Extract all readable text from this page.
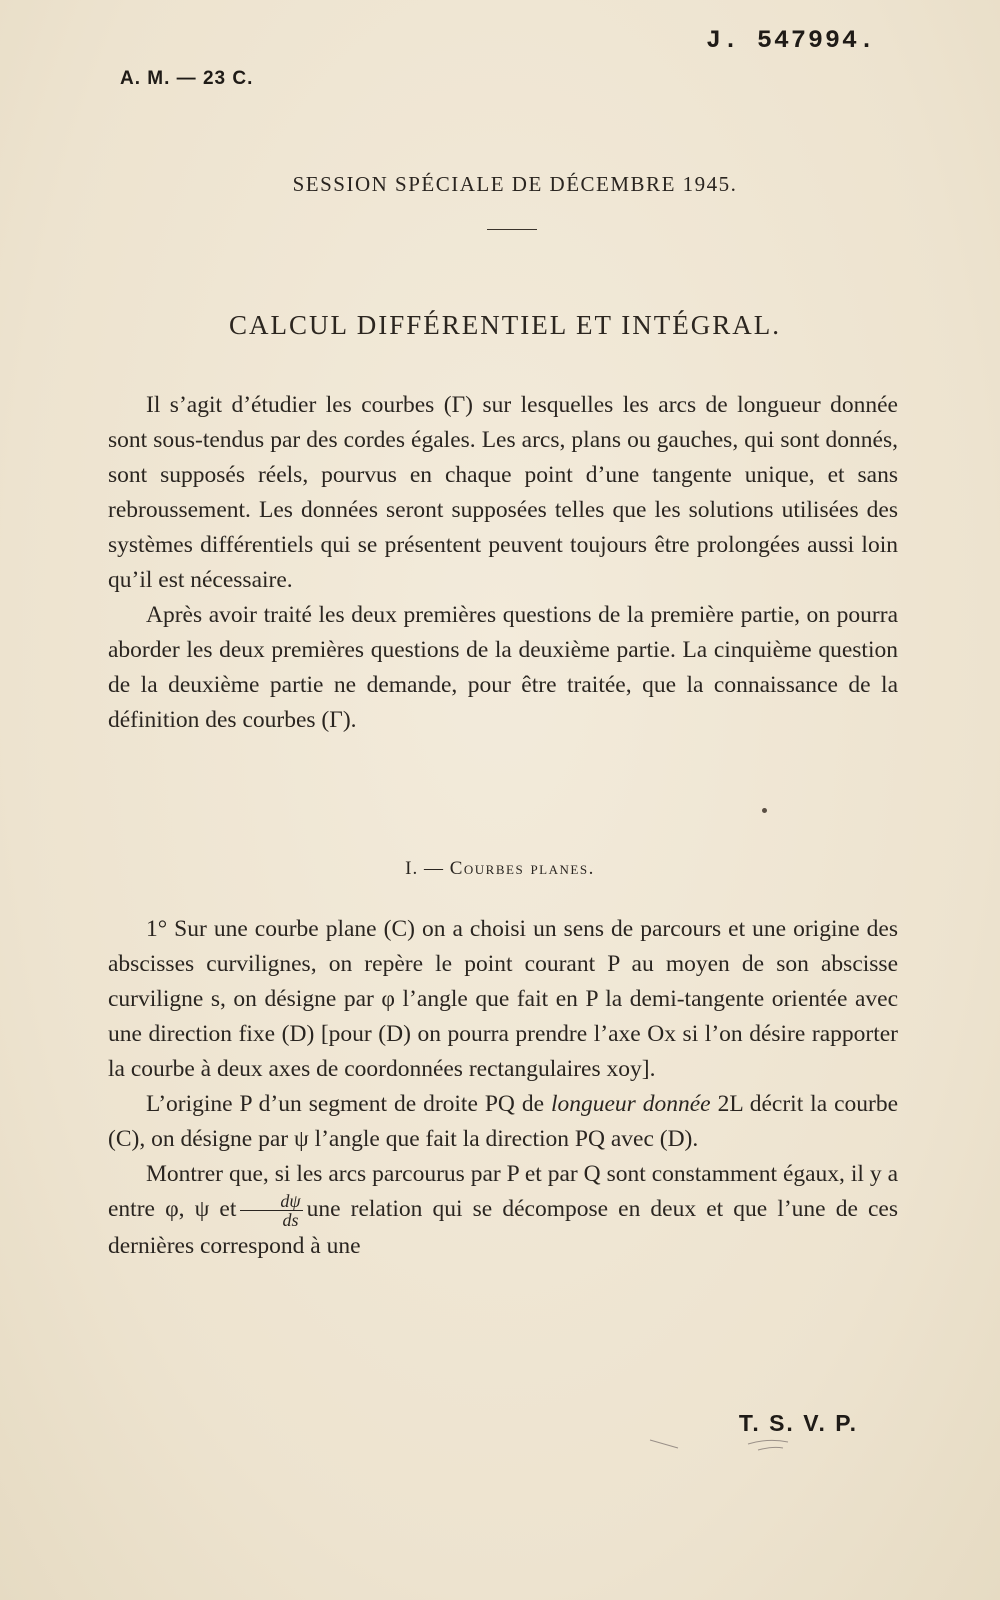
J. 547994.
A. M. — 23 C.
SESSION SPÉCIALE DE DÉCEMBRE 1945.
CALCUL DIFFÉRENTIEL ET INTÉGRAL.

Il s’agit d’étudier les courbes (Γ) sur lesquelles les arcs de longueur donnée sont sous-tendus par des cordes égales. Les arcs, plans ou gauches, qui sont donnés, sont supposés réels, pourvus en chaque point d’une tangente unique, et sans rebroussement. Les données seront supposées telles que les solutions utilisées des systèmes différentiels qui se présentent peuvent toujours être prolongées aussi loin qu’il est nécessaire.

Après avoir traité les deux premières questions de la première partie, on pourra aborder les deux premières questions de la deuxième partie. La cinquième question de la deuxième partie ne demande, pour être traitée, que la connaissance de la définition des courbes (Γ).

I. — Courbes planes.

1° Sur une courbe plane (C) on a choisi un sens de parcours et une origine des abscisses curvilignes, on repère le point courant P au moyen de son abscisse curviligne s, on désigne par φ l’angle que fait en P la demi-tangente orientée avec une direction fixe (D) [pour (D) on pourra prendre l’axe Ox si l’on désire rapporter la courbe à deux axes de coordonnées rectangulaires xoy].

L’origine P d’un segment de droite PQ de longueur donnée 2L décrit la courbe (C), on désigne par ψ l’angle que fait la direction PQ avec (D).

Montrer que, si les arcs parcourus par P et par Q sont constamment égaux, il y a entre φ, ψ et $\frac{d\psi}{ds}$ une relation qui se décompose en deux et que l’une de ces dernières correspond à une

T. S. V. P.
